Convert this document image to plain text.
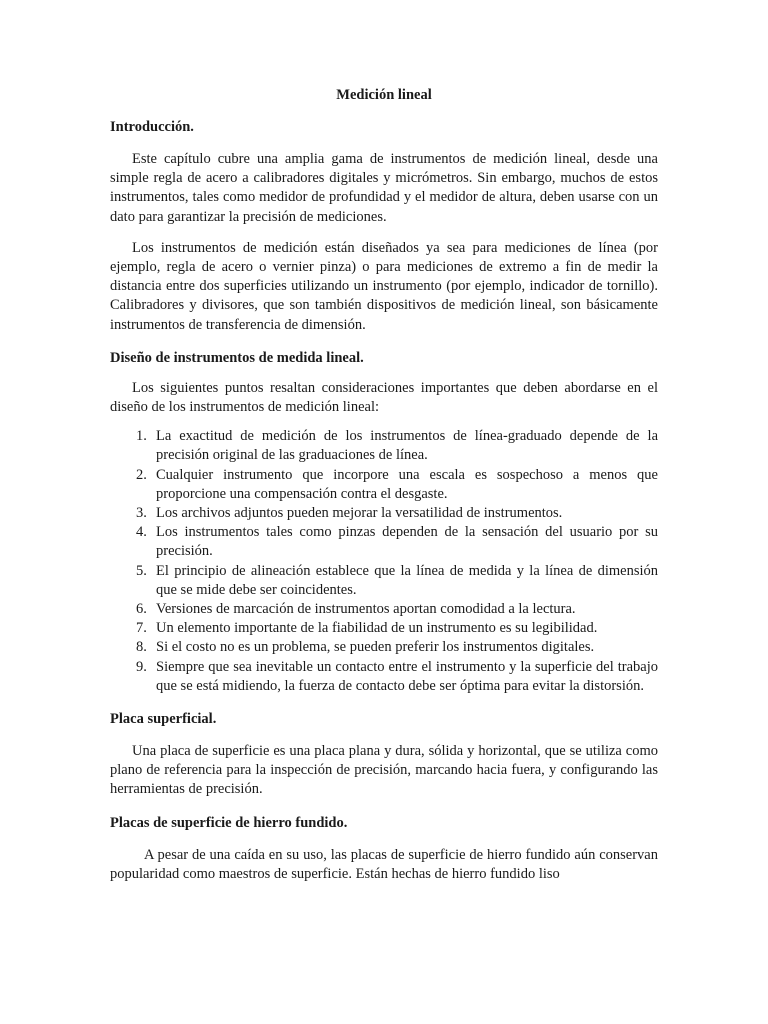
Medición lineal
Introducción.

Este capítulo cubre una amplia gama de instrumentos de medición lineal, desde una simple regla de acero a calibradores digitales y micrómetros. Sin embargo, muchos de estos instrumentos, tales como medidor de profundidad y el medidor de altura, deben usarse con un dato para garantizar la precisión de mediciones.

Los instrumentos de medición están diseñados ya sea para mediciones de línea (por ejemplo, regla de acero o vernier pinza) o para mediciones de extremo a fin de medir la distancia entre dos superficies utilizando un instrumento (por ejemplo, indicador de tornillo). Calibradores y divisores, que son también dispositivos de medición lineal, son básicamente instrumentos de transferencia de dimensión.

Diseño de instrumentos de medida lineal.

Los siguientes puntos resaltan consideraciones importantes que deben abordarse en el diseño de los instrumentos de medición lineal:

1. La exactitud de medición de los instrumentos de línea-graduado depende de la precisión original de las graduaciones de línea.
2. Cualquier instrumento que incorpore una escala es sospechoso a menos que proporcione una compensación contra el desgaste.
3. Los archivos adjuntos pueden mejorar la versatilidad de instrumentos.
4. Los instrumentos tales como pinzas dependen de la sensación del usuario por su precisión.
5. El principio de alineación establece que la línea de medida y la línea de dimensión que se mide debe ser coincidentes.
6. Versiones de marcación de instrumentos aportan comodidad a la lectura.
7. Un elemento importante de la fiabilidad de un instrumento es su legibilidad.
8. Si el costo no es un problema, se pueden preferir los instrumentos digitales.
9. Siempre que sea inevitable un contacto entre el instrumento y la superficie del trabajo que se está midiendo, la fuerza de contacto debe ser óptima para evitar la distorsión.
Placa superficial.

Una placa de superficie es una placa plana y dura, sólida y horizontal, que se utiliza como plano de referencia para la inspección de precisión, marcando hacia fuera, y configurando las herramientas de precisión.

Placas de superficie de hierro fundido.

A pesar de una caída en su uso, las placas de superficie de hierro fundido aún conservan popularidad como maestros de superficie. Están hechas de hierro fundido liso
